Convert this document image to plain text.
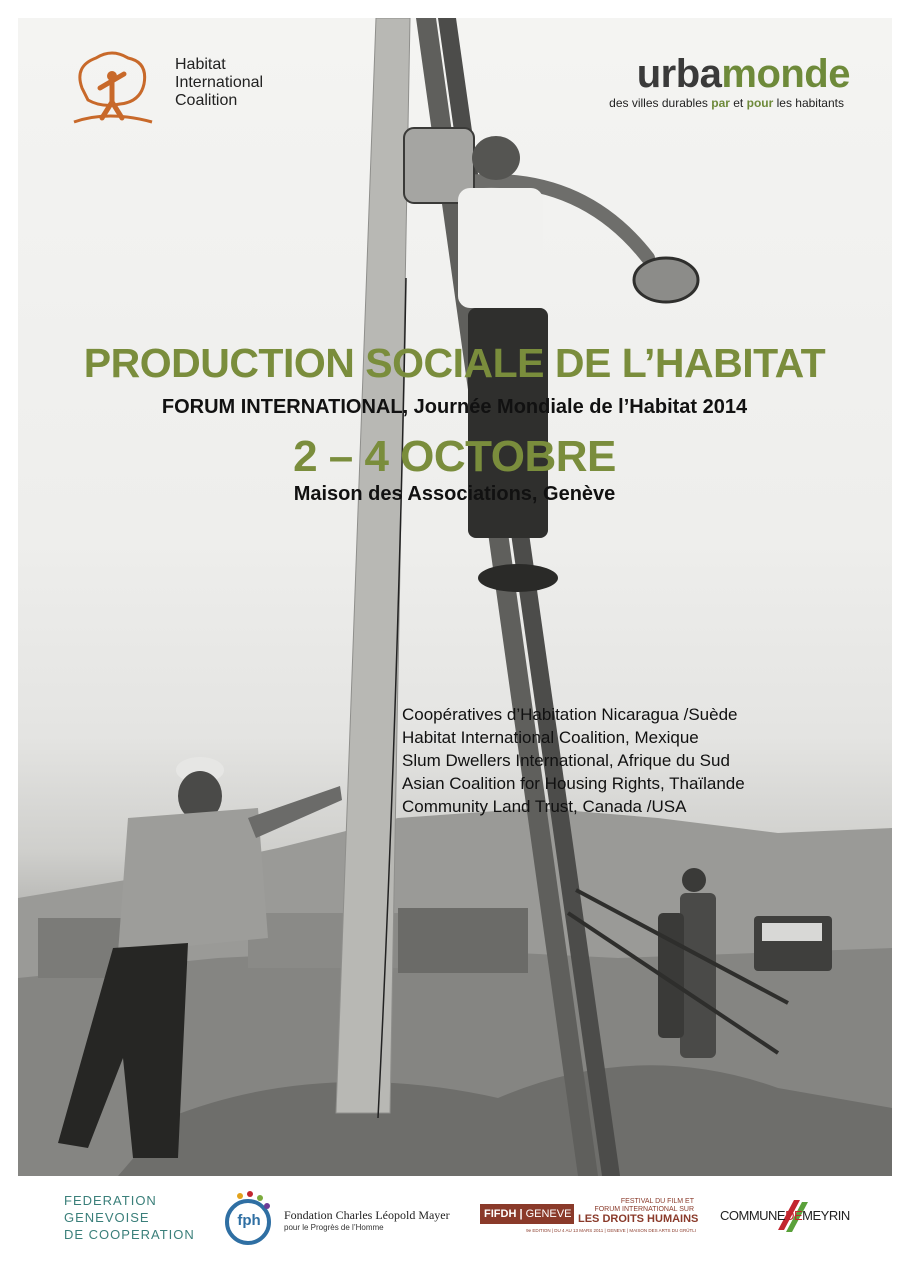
Habitat
International
Coalition
urbamonde
des villes durables par et pour les habitants
PRODUCTION SOCIALE DE L’HABITAT
FORUM INTERNATIONAL, Journée Mondiale de l’Habitat 2014
2 – 4 OCTOBRE
Maison des Associations, Genève
Coopératives d’Habitation Nicaragua /Suède
Habitat International Coalition, Mexique
Slum Dwellers International, Afrique du Sud
Asian Coalition for Housing Rights, Thaïlande
Community Land Trust, Canada /USA
FEDERATION
GENEVOISE
DE COOPERATION
fph	Fondation Charles Léopold Mayer
pour le Progrès de l’Homme
FIFDH | GENEVE
FESTIVAL DU FILM ET
FORUM INTERNATIONAL SUR
LES DROITS HUMAINS
9e EDITION | DU 4 AU 13 MARS 2011 | GENEVE | MAISON DES ARTS DU GRÜTLI
COMMUNEDEMEYRIN
